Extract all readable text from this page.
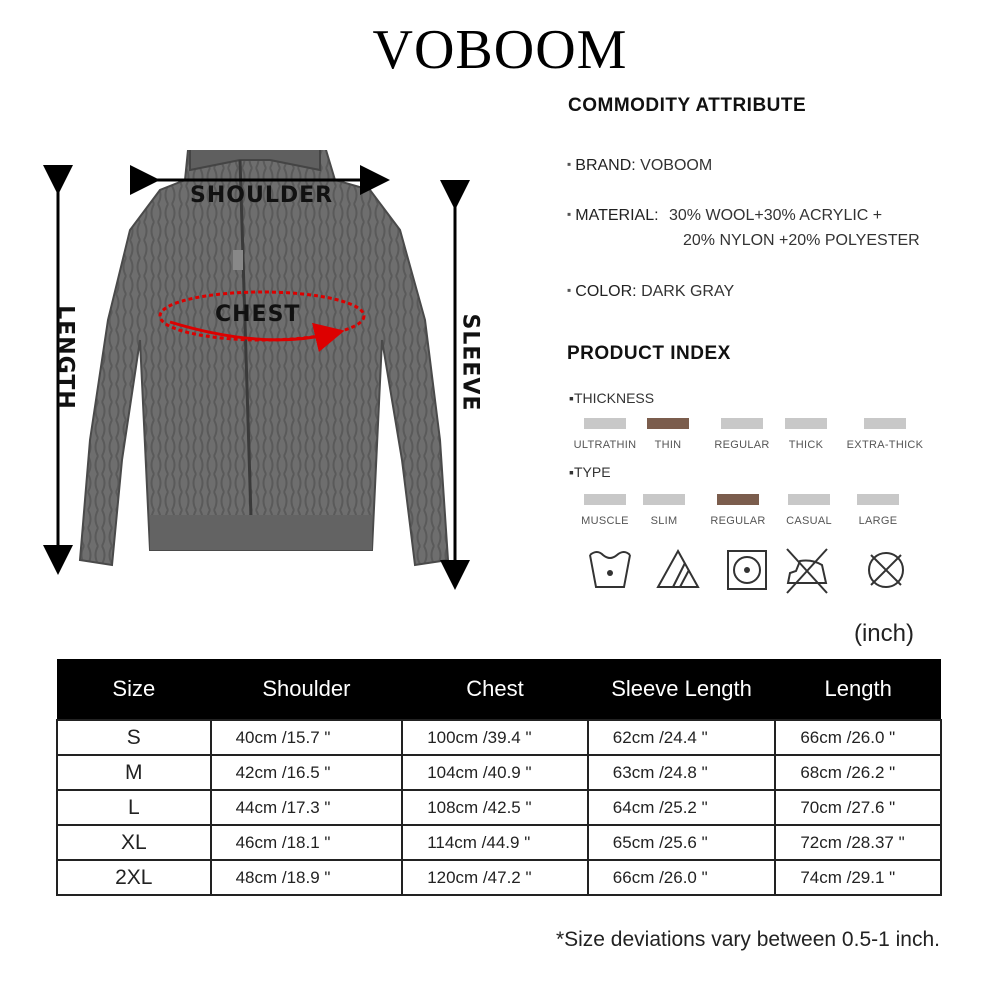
VOBOOM
SHOULDER
CHEST
LENGTH	SLEEVE
COMMODITY ATTRIBUTE
▪ BRAND: VOBOOM
▪ MATERIAL: 30% WOOL+30% ACRYLIC +
20% NYLON +20% POLYESTER
▪ COLOR: DARK GRAY
PRODUCT INDEX
▪THICKNESS
ULTRATHIN	THIN	REGULAR	THICK	EXTRA-THICK
▪TYPE
MUSCLE	SLIM	REGULAR	CASUAL	LARGE
(inch)
Size	Shoulder	Chest	Sleeve Length	Length
S	40cm /15.7 "	100cm /39.4 "	62cm /24.4 "	66cm /26.0 "
M	42cm /16.5 "	104cm /40.9 "	63cm /24.8 "	68cm /26.2 "
L	44cm /17.3 "	108cm /42.5 "	64cm /25.2 "	70cm /27.6 "
XL	46cm /18.1 "	114cm /44.9 "	65cm /25.6 "	72cm /28.37 "
2XL	48cm /18.9 "	120cm /47.2 "	66cm /26.0 "	74cm /29.1 "
*Size deviations vary between 0.5-1 inch.
